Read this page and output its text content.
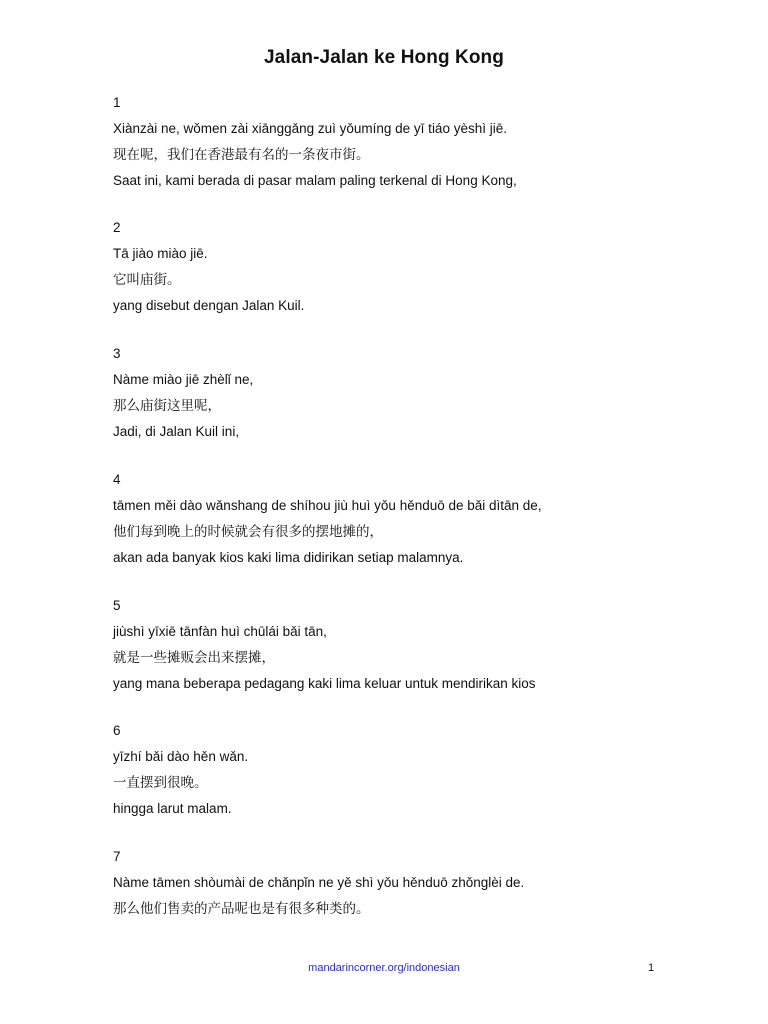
Jalan-Jalan ke Hong Kong
1
Xiànzài ne, wǒmen zài xiānggǎng zuì yǒumíng de yī tiáo yèshì jiē.
现在呢，我们在香港最有名的一条夜市街。
Saat ini, kami berada di pasar malam paling terkenal di Hong Kong,
2
Tā jiào miào jiē.
它叫庙街。
yang disebut dengan Jalan Kuil.
3
Nàme miào jiē zhèlǐ ne,
那么庙街这里呢，
Jadi, di Jalan Kuil ini,
4
tāmen měi dào wǎnshang de shíhou jiù huì yǒu hěnduō de bǎi dìtān de,
他们每到晚上的时候就会有很多的摆地摊的，
akan ada banyak kios kaki lima didirikan setiap malamnya.
5
jiùshì yīxiē tānfàn huì chūlái bǎi tān,
就是一些摊贩会出来摆摊，
yang mana beberapa pedagang kaki lima keluar untuk mendirikan kios
6
yīzhí bǎi dào hěn wǎn.
一直摆到很晚。
hingga larut malam.
7
Nàme tāmen shòumài de chǎnpǐn ne yě shì yǒu hěnduō zhǒnglèi de.
那么他们售卖的产品呢也是有很多种类的。
mandarincorner.org/indonesian	1
